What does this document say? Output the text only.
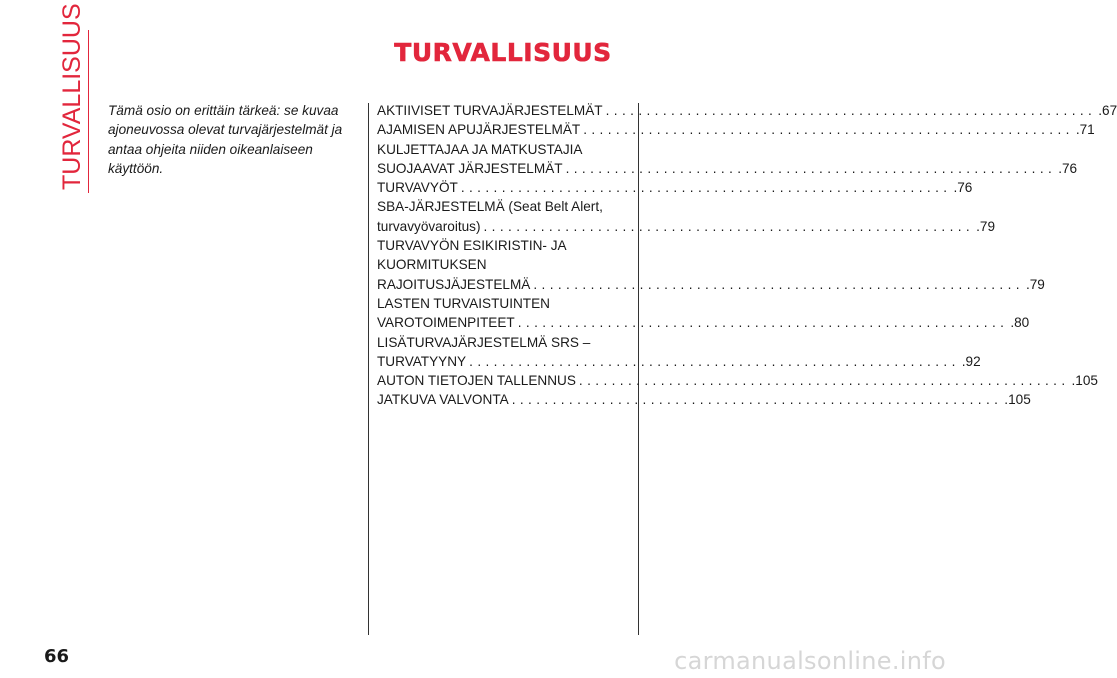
TURVALLISUUS	TURVALLISUUS

Tämä osio on erittäin tärkeä: se kuvaa ajoneuvossa olevat turvajärjestelmät ja antaa ohjeita niiden oikeanlaiseen käyttöön.

AKTIIVISET TURVAJÄRJESTELMÄT ............................................................ .67
AJAMISEN APUJÄRJESTELMÄT ............................................................ .71
KULJETTAJAA JA MATKUSTAJIA
SUOJAAVAT JÄRJESTELMÄT ............................................................ .76
TURVAVYÖT ............................................................ .76
SBA-JÄRJESTELMÄ (Seat Belt Alert,
turvavyövaroitus) ............................................................ .79
TURVAVYÖN ESIKIRISTIN- JA
KUORMITUKSEN
RAJOITUSJÄJESTELMÄ ............................................................ .79
LASTEN TURVAISTUINTEN
VAROTOIMENPITEET ............................................................ .80
LISÄTURVAJÄRJESTELMÄ SRS –
TURVATYYNY ............................................................ .92
AUTON TIETOJEN TALLENNUS ............................................................ .105
JATKUVA VALVONTA ............................................................ .105
66	carmanualsonline.info
